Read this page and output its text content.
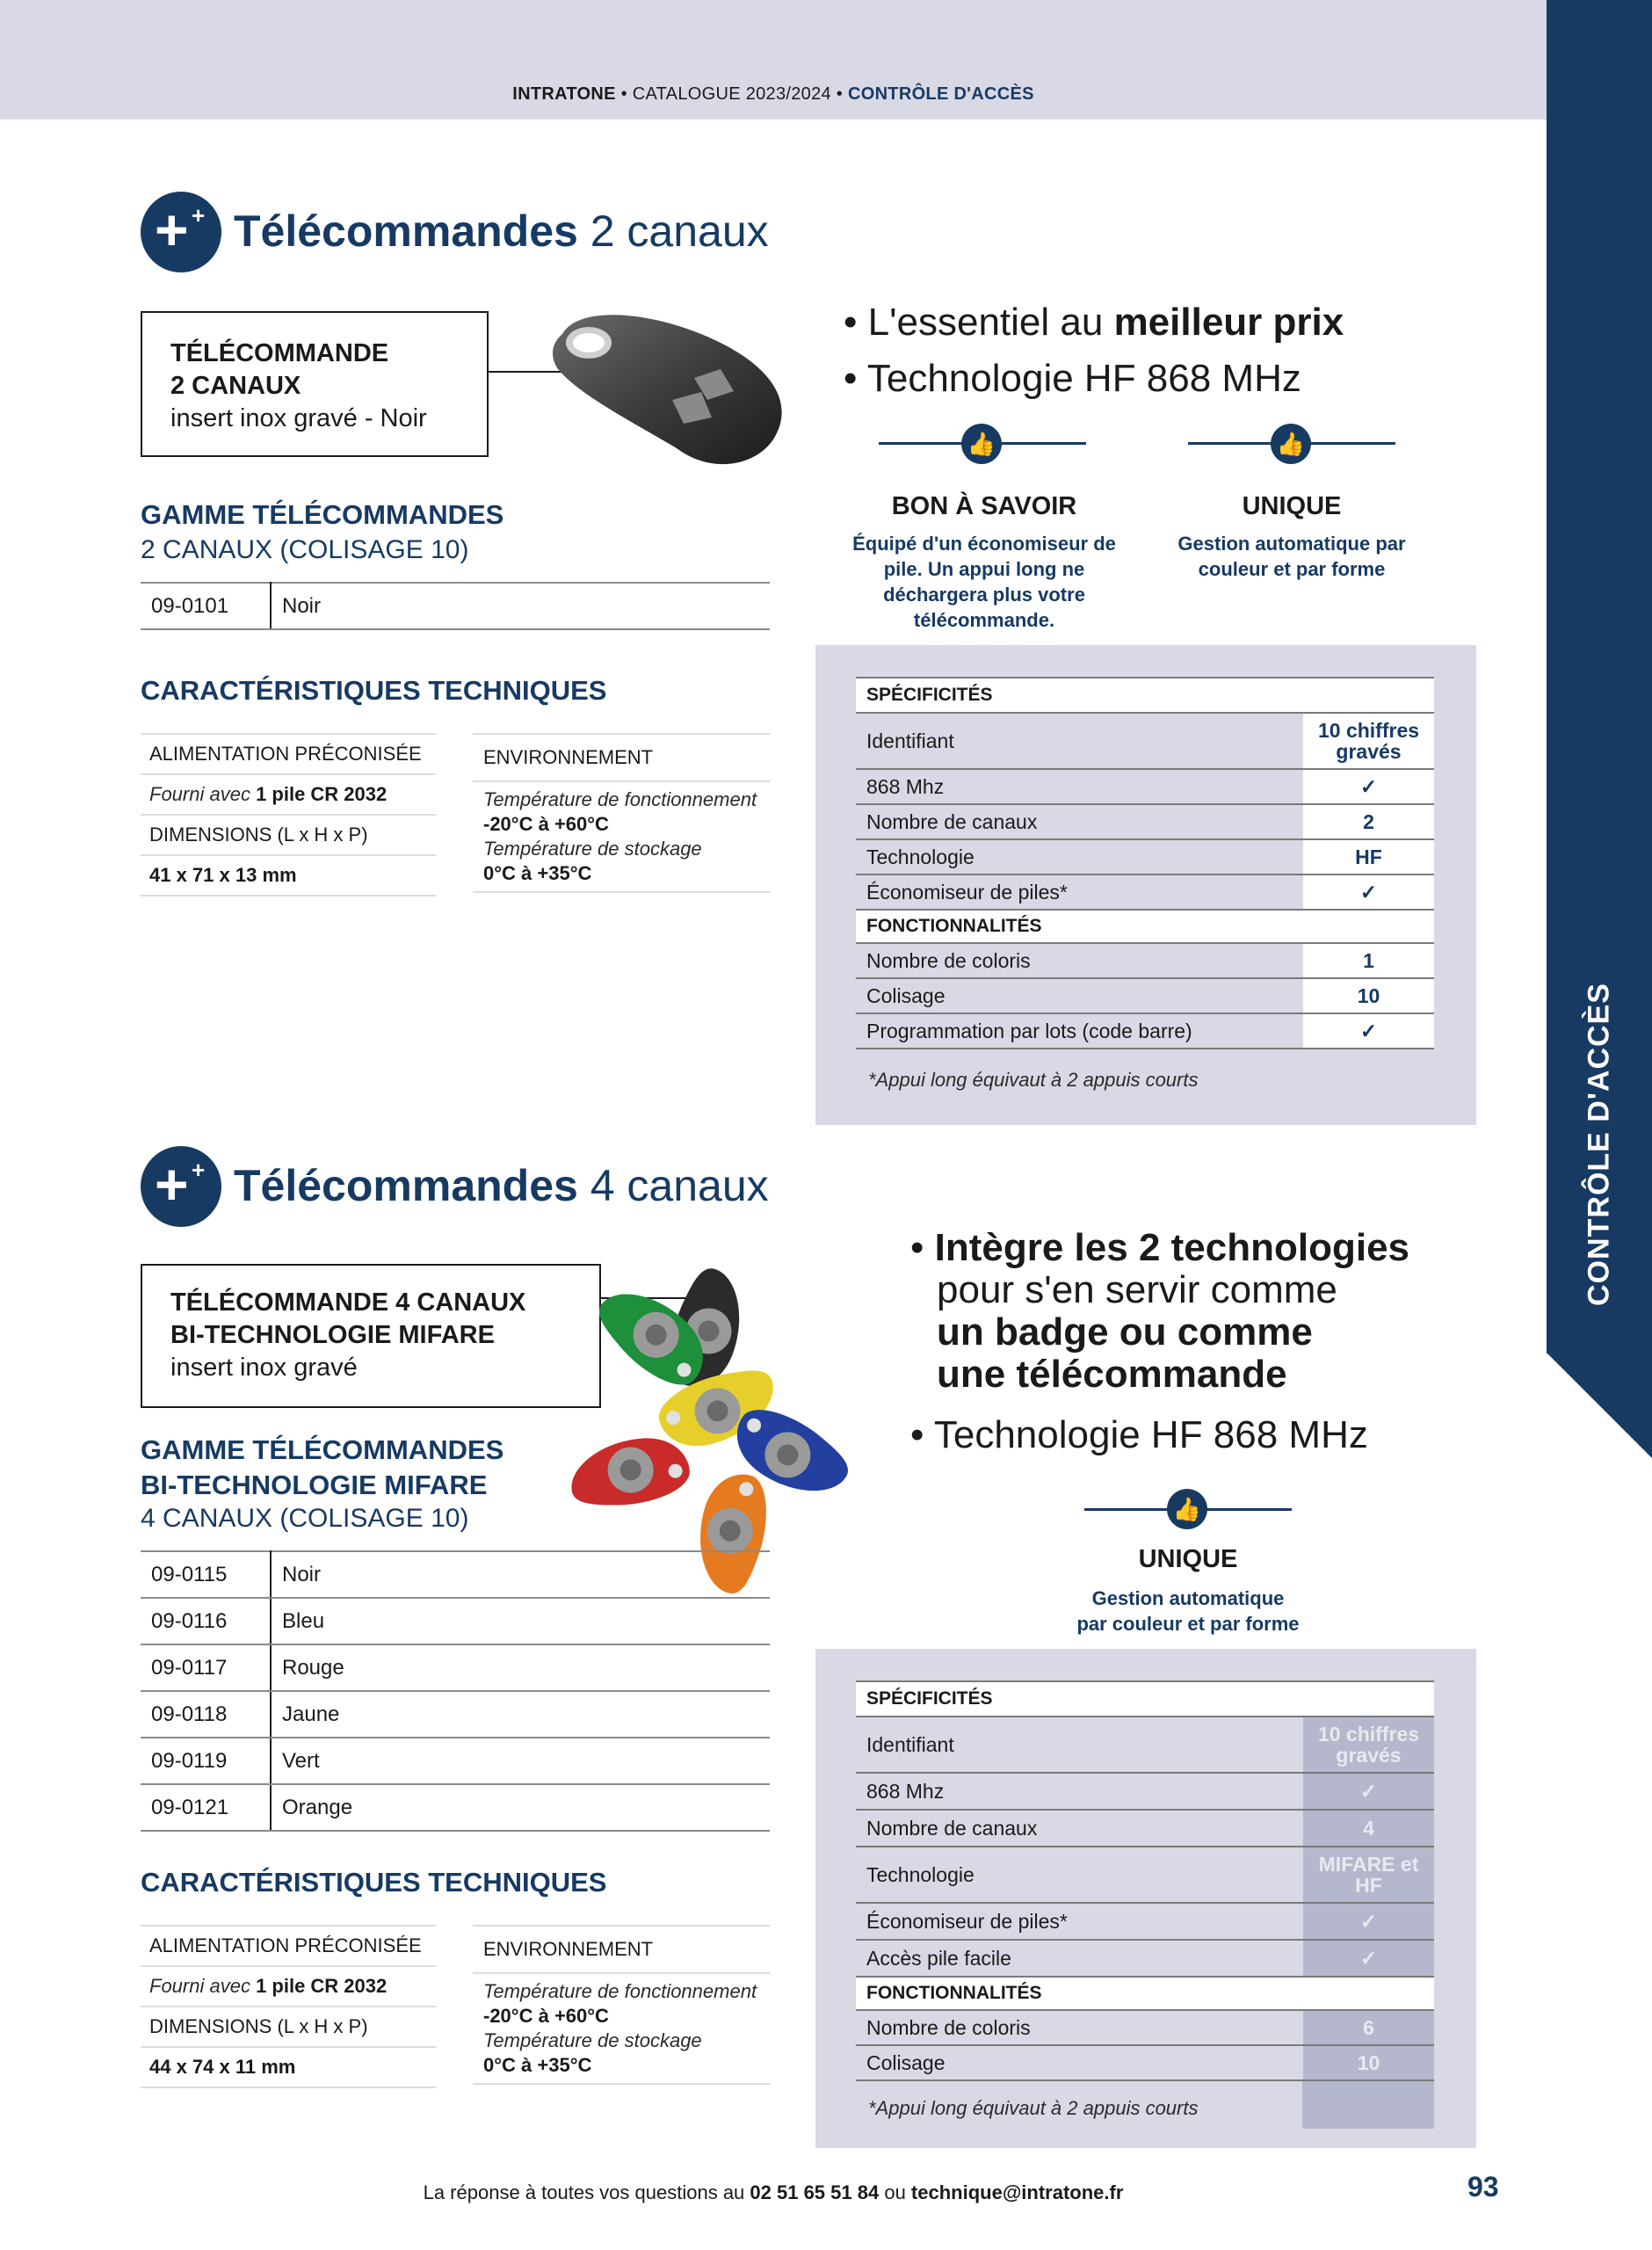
INTRATONE • CATALOGUE 2023/2024 • CONTRÔLE D'ACCÈS
CONTRÔLE D'ACCÈS
+ + Télécommandes 2 canaux
TÉLÉCOMMANDE
2 CANAUX
insert inox gravé - Noir
GAMME TÉLÉCOMMANDES
2 CANAUX (COLISAGE 10)
09-0101	Noir
CARACTÉRISTIQUES TECHNIQUES
ALIMENTATION PRÉCONISÉE
Fourni avec 1 pile CR 2032
DIMENSIONS (L x H x P)
41 x 71 x 13 mm
ENVIRONNEMENT
Température de fonctionnement
-20°C à +60°C
Température de stockage
0°C à +35°C
• L'essentiel au meilleur prix
• Technologie HF 868 MHz
👍	👍
BON À SAVOIR
Équipé d'un économiseur de pile. Un appui long ne déchargera plus votre télécommande.
UNIQUE
Gestion automatique par couleur et par forme
SPÉCIFICITÉS	
Identifiant	10 chiffres gravés
868 Mhz	✓
Nombre de canaux	2
Technologie	HF
Économiseur de piles*	✓
FONCTIONNALITÉS	
Nombre de coloris	1
Colisage	10
Programmation par lots (code barre)	✓
*Appui long équivaut à 2 appuis courts
+ + Télécommandes 4 canaux
TÉLÉCOMMANDE 4 CANAUX
BI-TECHNOLOGIE MIFARE
insert inox gravé
GAMME TÉLÉCOMMANDES
BI-TECHNOLOGIE MIFARE
4 CANAUX (COLISAGE 10)
09-0115	Noir
09-0116	Bleu
09-0117	Rouge
09-0118	Jaune
09-0119	Vert
09-0121	Orange
CARACTÉRISTIQUES TECHNIQUES
ALIMENTATION PRÉCONISÉE
Fourni avec 1 pile CR 2032
DIMENSIONS (L x H x P)
44 x 74 x 11 mm
ENVIRONNEMENT
Température de fonctionnement
-20°C à +60°C
Température de stockage
0°C à +35°C
• Intègre les 2 technologies
pour s'en servir comme
un badge ou comme
une télécommande
• Technologie HF 868 MHz
👍
UNIQUE
Gestion automatique
par couleur et par forme
SPÉCIFICITÉS	
Identifiant	10 chiffres gravés
868 Mhz	✓
Nombre de canaux	4
Technologie	MIFARE et HF
Économiseur de piles*	✓
Accès pile facile	✓
FONCTIONNALITÉS	
Nombre de coloris	6
Colisage	10
*Appui long équivaut à 2 appuis courts
La réponse à toutes vos questions au 02 51 65 51 84 ou technique@intratone.fr	93
